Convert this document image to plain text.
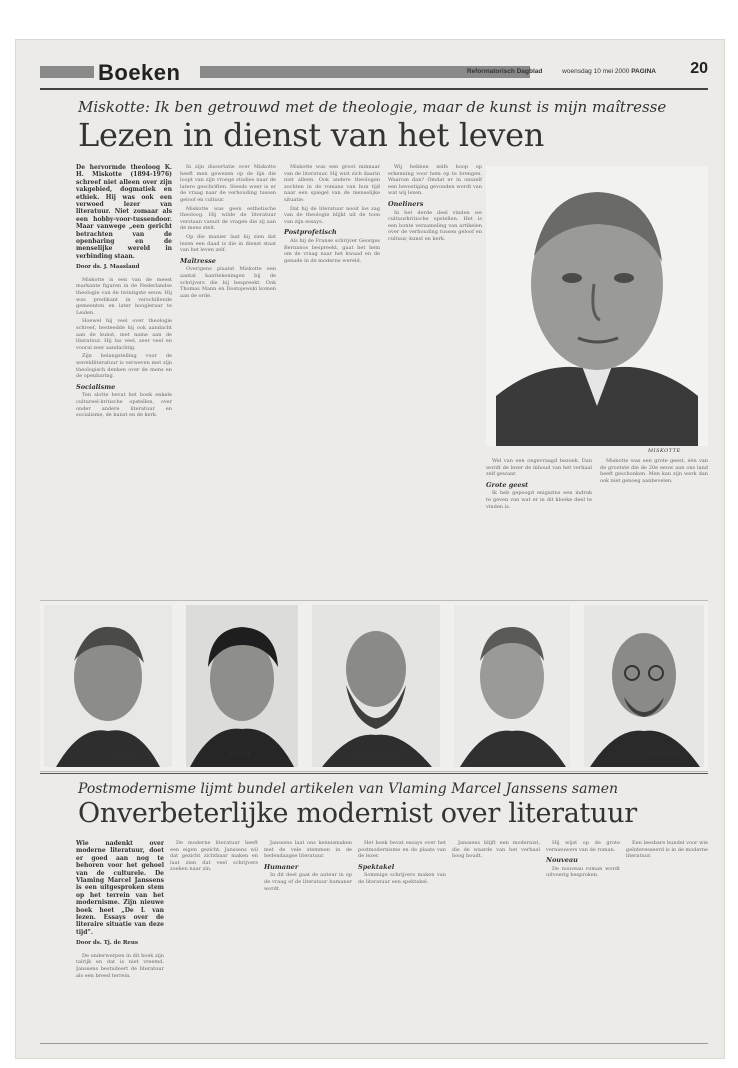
Boeken	Reformatorisch Dagblad	woensdag 10 mei 2000 PAGINA	20
Miskotte: Ik ben getrouwd met de theologie, maar de kunst is mijn maîtresse
Lezen in dienst van het leven
De hervormde theoloog K. H. Miskotte (1894-1976) schreef niet alleen over zijn vakgebied, dogmatiek en ethiek. Hij was ook een verwoed lezer van literatuur. Niet zomaar als een hobby-voor-tussendoor. Maar vanwege „een gericht betrachten van de openbaring en de menselijke wereld in verbinding staan.
Door ds. J. Maasland

Miskotte is een van de meest markante figuren in de Nederlandse theologie van de twintigste eeuw. Hij was predikant in verschillende gemeenten en later hoogleraar te Leiden.

Hoewel hij veel over theologie schreef, besteedde hij ook aandacht aan de kunst, met name aan de literatuur. Hij las veel, zeer veel en vooral zeer aandachtig.

Zijn belangstelling voor de wereldliteratuur is verweven met zijn theologisch denken over de mens en de openbaring.

Socialisme

Ten slotte bevat het boek enkele cultureel-kritische opstellen, over onder andere literatuur en socialisme, de kunst en de kerk.

In zijn dissertatie over Miskotte heeft men gewezen op de lijn die loopt van zijn vroege studies naar de latere geschriften. Steeds weer is er de vraag naar de verhouding tussen geloof en cultuur.

Miskotte was geen esthetische theoloog. Hij wilde de literatuur verstaan vanuit de vragen die zij aan de mens stelt.

Op die manier laat hij zien dat lezen een daad is die in dienst staat van het leven zelf.

Maîtresse

Overigens plaatst Miskotte een aantal kanttekeningen bij de schrijvers die hij bespreekt. Ook Thomas Mann en Dostojewski komen aan de orde.

Miskotte was een groot minnaar van de literatuur. Hij wist zich daarin niet alleen. Ook andere theologen zochten in de romans van hun tijd naar een spiegel van de menselijke situatie.

Dat hij de literatuur nooit los zag van de theologie blijkt uit de toon van zijn essays.

Postprofetisch

Als hij de Franse schrijver Georges Bernanos bespreekt, gaat het hem om de vraag naar het kwaad en de genade in de moderne wereld.

Wij hebben zelfs hoop op erkenning voor hem op te brengen. Waarom dan? Omdat er in onszelf een bevestiging gevonden wordt van wat wij lezen.

Oneliners

In het derde deel vinden we cultuurkritische opstellen. Het is een bonte verzameling van artikelen over de verhouding tussen geloof en cultuur, kunst en kerk.

MISKOTTE

Wel van een ongevraagd bezoek. Dan wordt de lezer de inhoud van het verhaal zelf gewaar.

Grote geest

Ik heb gepoogd enigszins een indruk te geven van wat er in dit kloeke deel te vinden is.

Miskotte was een grote geest, één van de grootste die de 20e eeuw aan ons land heeft geschonken. Men kan zijn werk dan ook niet genoeg aanbevelen.

MANN	KAFKA	DOSTOJEWSKI	BERNANOS	TSJECHOV
Postmodernisme lijmt bundel artikelen van Vlaming Marcel Janssens samen
Onverbeterlijke modernist over literatuur
Wie nadenkt over moderne literatuur, doet er goed aan nog te behoren voor het gehoel van de culturele. De Vlaming Marcel Janssens is een uitgesproken stem op het terrein van het modernisme. Zijn nieuwe boek heet „De L van lezen. Essays over de literaire situatie van deze tijd”.
Door ds. Tj. de Reus

De onderwerpen in dit boek zijn talrijk en dat is niet vreemd. Janssens bestudeert de literatuur als een breed terrein.

De moderne literatuur heeft een eigen gezicht. Janssens wil dat gezicht zichtbaar maken en laat zien dat veel schrijvers zoeken naar zin.

Janssens laat ons kennismaken met de vele stemmen in de hedendaagse literatuur.

Humaner

In dit deel gaat de auteur in op de vraag of de literatuur humaner wordt.

Het boek bevat essays over het postmodernisme en de plaats van de lezer.

Spektakel

Sommige schrijvers maken van de literatuur een spektakel.

Janssens blijft een modernist, die de waarde van het verhaal hoog houdt.

Hij wijst op de grote vernieuwers van de roman.

Nouveau

De nouveau roman wordt uitvoerig besproken.

Een leesbare bundel voor wie geïnteresseerd is in de moderne literatuur.
